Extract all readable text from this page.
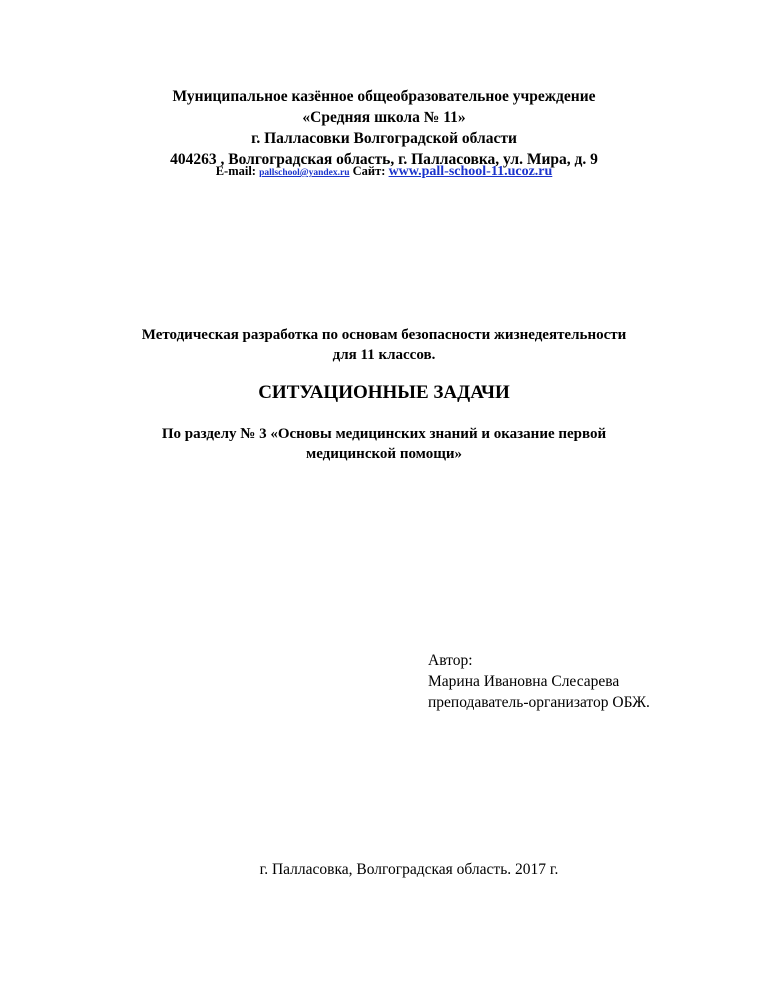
Муниципальное казённое общеобразовательное учреждение
«Средняя школа № 11»
г. Палласовки Волгоградской области
404263 , Волгоградская область, г. Палласовка, ул. Мира, д. 9
E-mail: pallschool@yandex.ru Сайт: www.pall-school-11.ucoz.ru
Методическая разработка по основам безопасности жизнедеятельности
для 11 классов.
СИТУАЦИОННЫЕ ЗАДАЧИ
По разделу № 3 «Основы медицинских знаний и оказание первой
медицинской помощи»
Автор:
Марина Ивановна Слесарева
преподаватель-организатор ОБЖ.
г. Палласовка, Волгоградская область. 2017 г.
